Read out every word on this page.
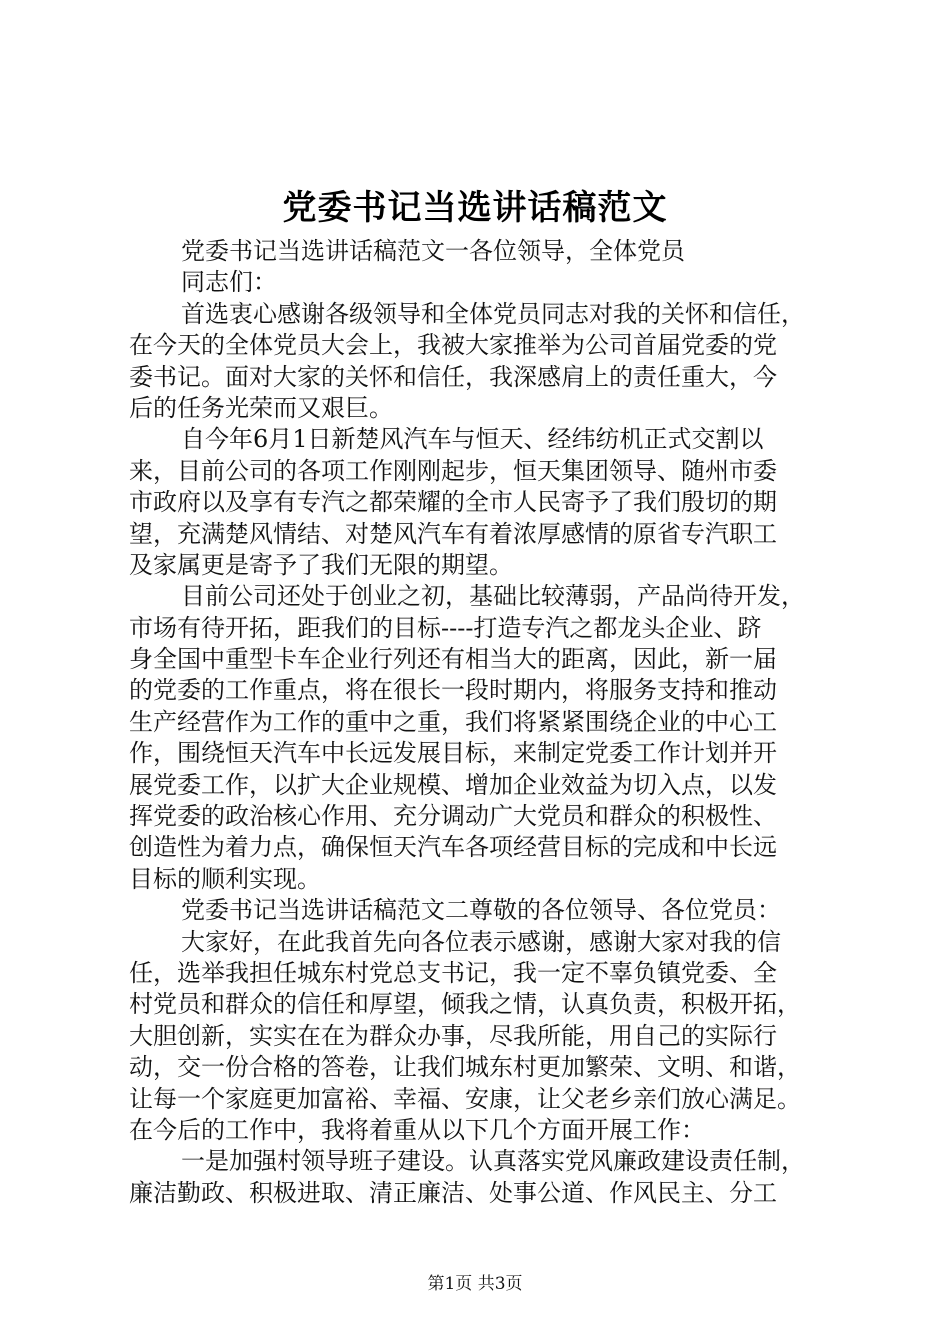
党委书记当选讲话稿范文
党委书记当选讲话稿范文一各位领导，全体党员
同志们：
首选衷心感谢各级领导和全体党员同志对我的关怀和信任，
在今天的全体党员大会上，我被大家推举为公司首届党委的党
委书记。面对大家的关怀和信任，我深感肩上的责任重大，今
后的任务光荣而又艰巨。
自今年6月1日新楚风汽车与恒天、经纬纺机正式交割以
来，目前公司的各项工作刚刚起步，恒天集团领导、随州市委
市政府以及享有专汽之都荣耀的全市人民寄予了我们殷切的期
望，充满楚风情结、对楚风汽车有着浓厚感情的原省专汽职工
及家属更是寄予了我们无限的期望。
目前公司还处于创业之初，基础比较薄弱，产品尚待开发，
市场有待开拓，距我们的目标----打造专汽之都龙头企业、跻
身全国中重型卡车企业行列还有相当大的距离，因此，新一届
的党委的工作重点，将在很长一段时期内，将服务支持和推动
生产经营作为工作的重中之重，我们将紧紧围绕企业的中心工
作，围绕恒天汽车中长远发展目标，来制定党委工作计划并开
展党委工作，以扩大企业规模、增加企业效益为切入点，以发
挥党委的政治核心作用、充分调动广大党员和群众的积极性、
创造性为着力点，确保恒天汽车各项经营目标的完成和中长远
目标的顺利实现。
党委书记当选讲话稿范文二尊敬的各位领导、各位党员：
大家好，在此我首先向各位表示感谢，感谢大家对我的信
任，选举我担任城东村党总支书记，我一定不辜负镇党委、全
村党员和群众的信任和厚望，倾我之情，认真负责，积极开拓，
大胆创新，实实在在为群众办事，尽我所能，用自己的实际行
动，交一份合格的答卷，让我们城东村更加繁荣、文明、和谐，
让每一个家庭更加富裕、幸福、安康，让父老乡亲们放心满足。
在今后的工作中，我将着重从以下几个方面开展工作：
一是加强村领导班子建设。认真落实党风廉政建设责任制，
廉洁勤政、积极进取、清正廉洁、处事公道、作风民主、分工
第1页 共3页
